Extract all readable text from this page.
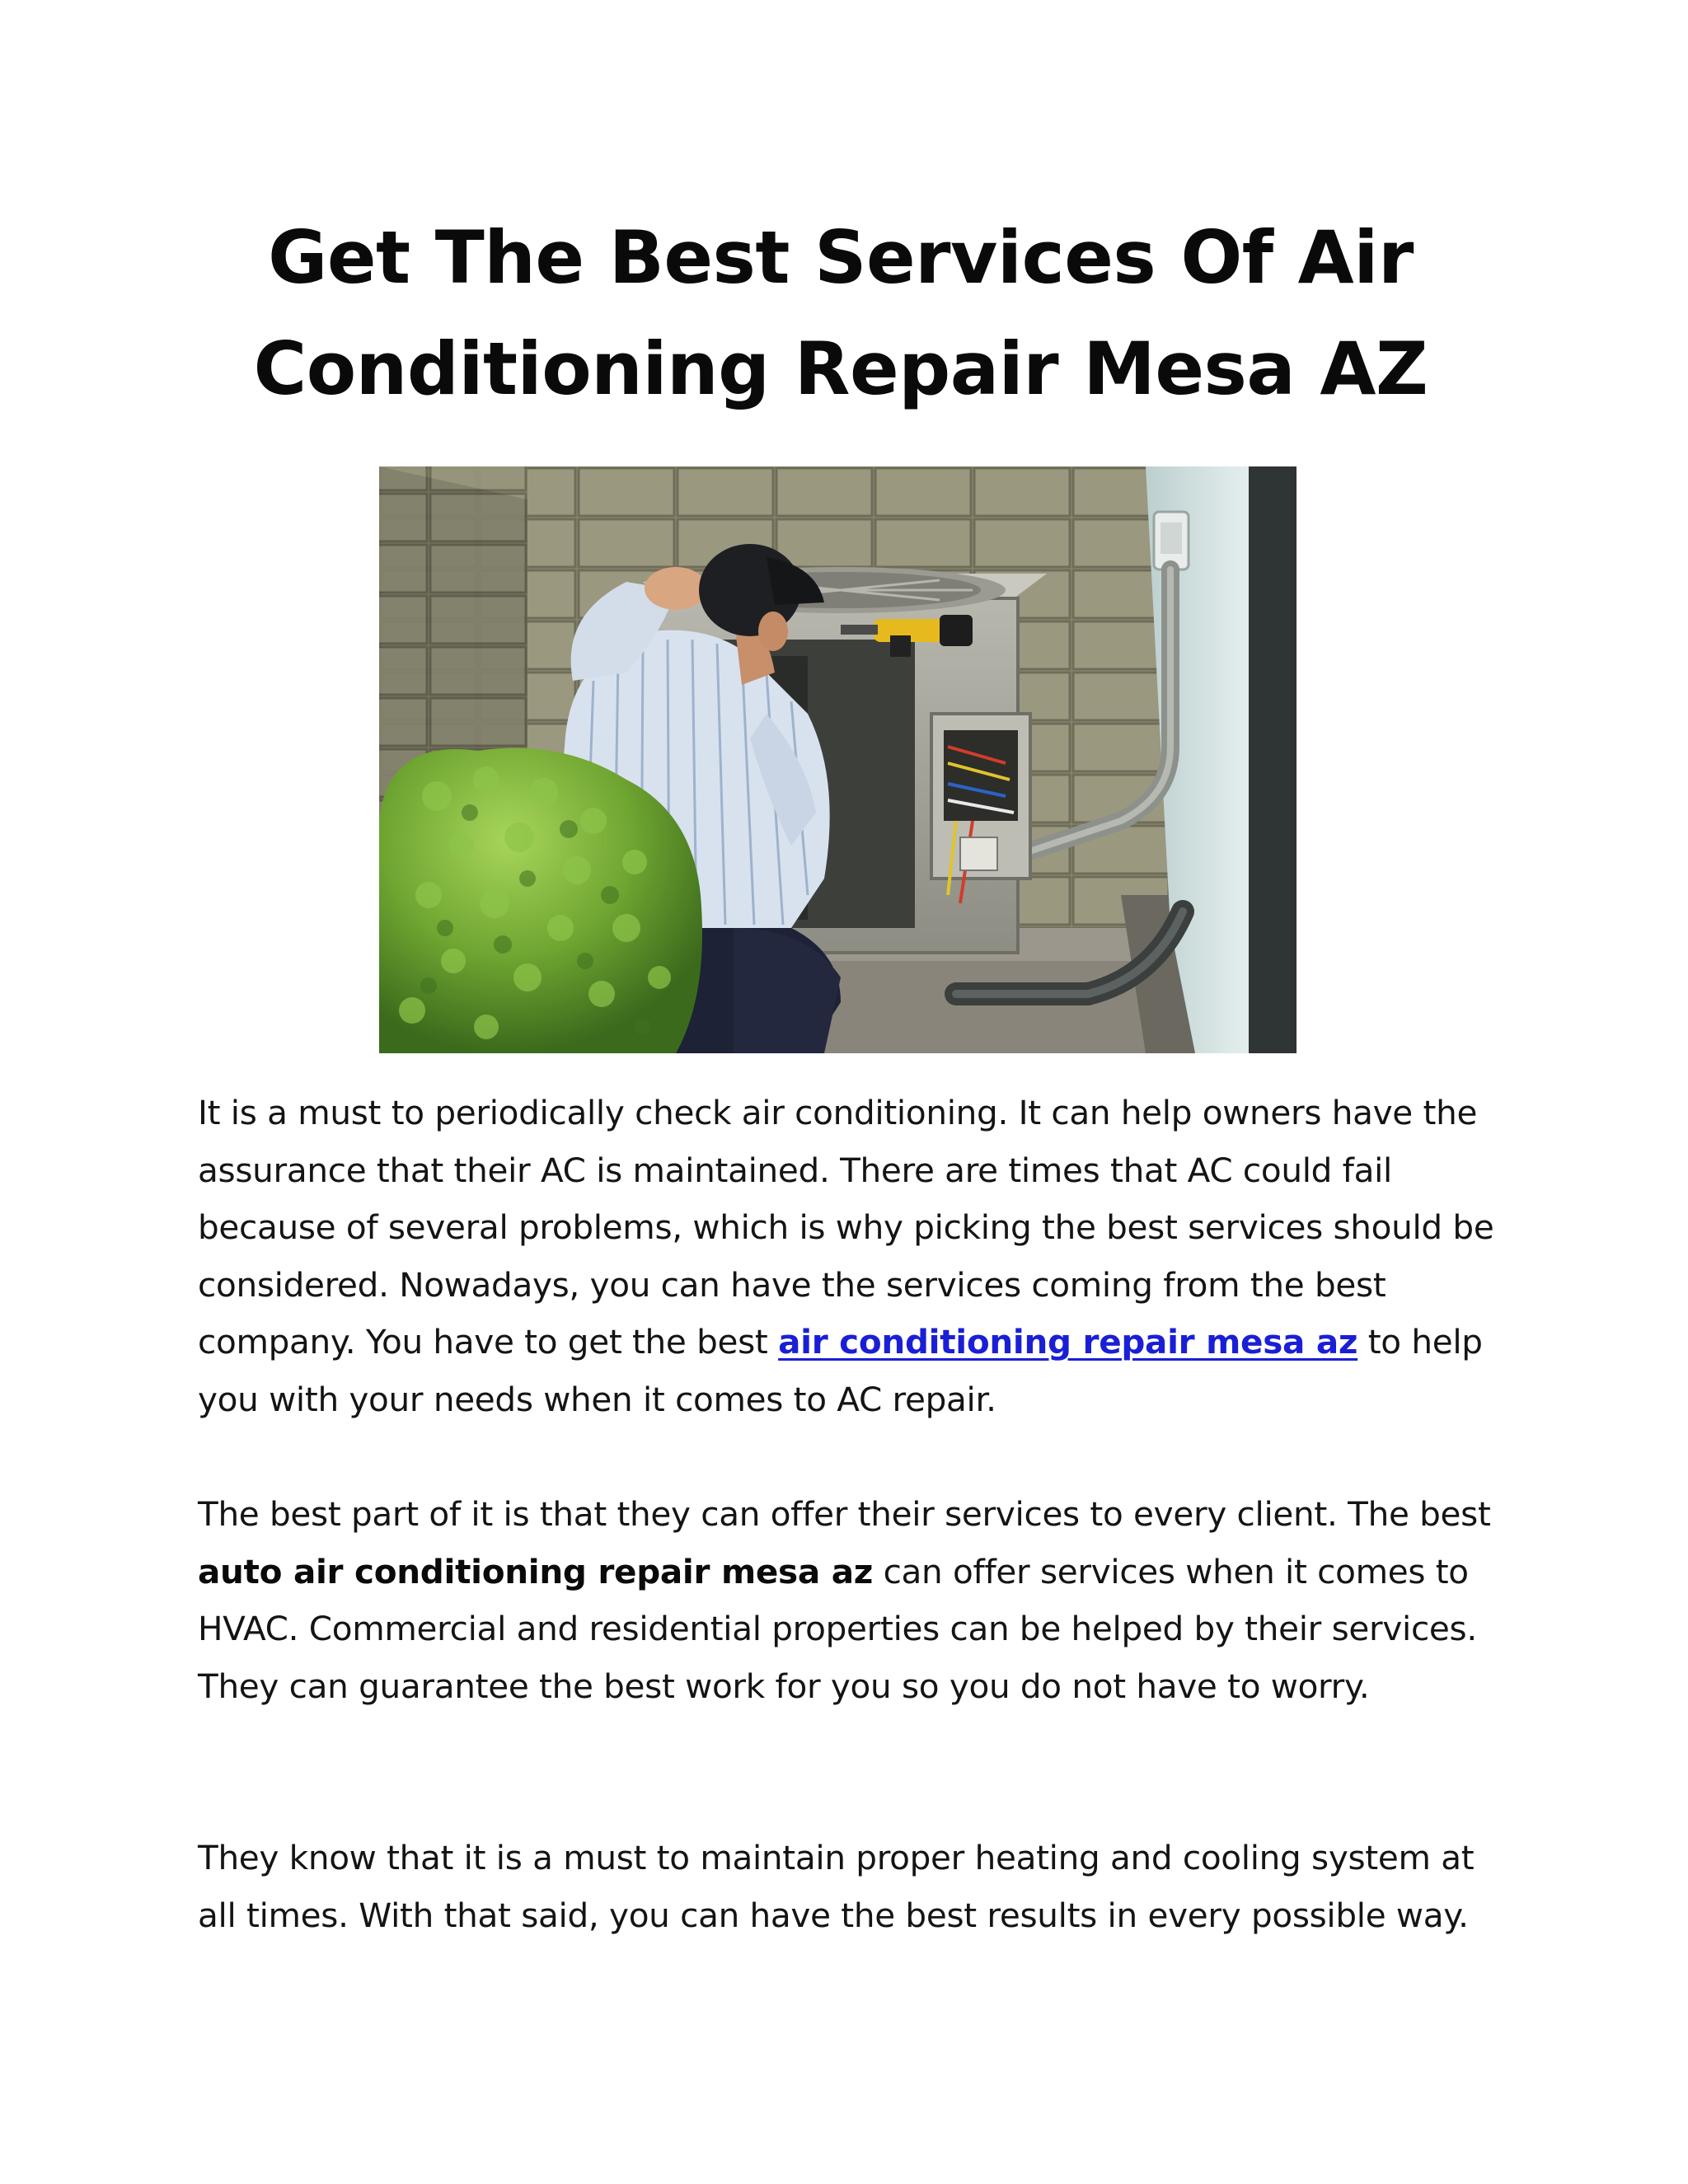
Get The Best Services Of Air
Conditioning Repair Mesa AZ

It is a must to periodically check air conditioning. It can help owners have the assurance that their AC is maintained. There are times that AC could fail because of several problems, which is why picking the best services should be considered. Nowadays, you can have the services coming from the best company. You have to get the best air conditioning repair mesa az to help you with your needs when it comes to AC repair.

The best part of it is that they can offer their services to every client. The best auto air conditioning repair mesa az can offer services when it comes to HVAC. Commercial and residential properties can be helped by their services. They can guarantee the best work for you so you do not have to worry.

They know that it is a must to maintain proper heating and cooling system at all times. With that said, you can have the best results in every possible way.
